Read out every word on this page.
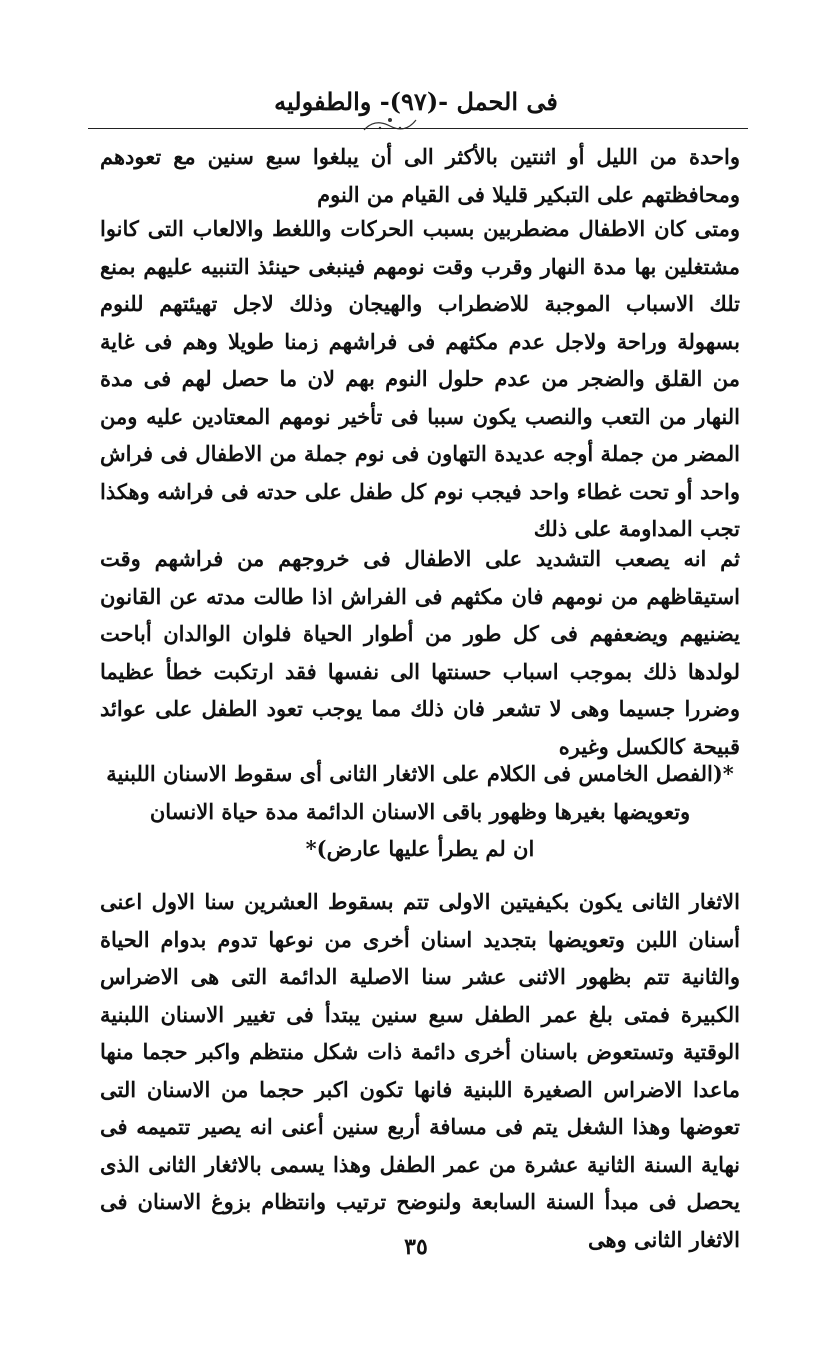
فى الحمل -(٩٧)- والطفوليه
واحدة من الليل أو اثنتين بالأكثر الى أن يبلغوا سبع سنين مع تعودهم ومحافظتهم على التبكير قليلا فى القيام من النوم
ومتى كان الاطفال مضطربين بسبب الحركات واللغط والالعاب التى كانوا مشتغلين بها مدة النهار وقرب وقت نومهم فينبغى حينئذ التنبيه عليهم بمنع تلك الاسباب الموجبة للاضطراب والهيجان وذلك لاجل تهيئتهم للنوم بسهولة وراحة ولاجل عدم مكثهم فى فراشهم زمنا طويلا وهم فى غاية من القلق والضجر من عدم حلول النوم بهم لان ما حصل لهم فى مدة النهار من التعب والنصب يكون سببا فى تأخير نومهم المعتادين عليه ومن المضر من جملة أوجه عديدة التهاون فى نوم جملة من الاطفال فى فراش واحد أو تحت غطاء واحد فيجب نوم كل طفل على حدته فى فراشه وهكذا تجب المداومة على ذلك
ثم انه يصعب التشديد على الاطفال فى خروجهم من فراشهم وقت استيقاظهم من نومهم فان مكثهم فى الفراش اذا طالت مدته عن القانون يضنيهم ويضعفهم فى كل طور من أطوار الحياة فلوان الوالدان أباحت لولدها ذلك بموجب اسباب حسنتها الى نفسها فقد ارتكبت خطأ عظيما وضررا جسيما وهى لا تشعر فان ذلك مما يوجب تعود الطفل على عوائد قبيحة كالكسل وغيره
*(الفصل الخامس فى الكلام على الاثغار الثانى أى سقوط الاسنان اللبنية
وتعويضها بغيرها وظهور باقى الاسنان الدائمة مدة حياة الانسان
ان لم يطرأ عليها عارض)*
الاثغار الثانى يكون بكيفيتين الاولى تتم بسقوط العشرين سنا الاول اعنى أسنان اللبن وتعويضها بتجديد اسنان أخرى من نوعها تدوم بدوام الحياة والثانية تتم بظهور الاثنى عشر سنا الاصلية الدائمة التى هى الاضراس الكبيرة فمتى بلغ عمر الطفل سبع سنين يبتدأ فى تغيير الاسنان اللبنية الوقتية وتستعوض باسنان أخرى دائمة ذات شكل منتظم واكبر حجما منها ماعدا الاضراس الصغيرة اللبنية فانها تكون اكبر حجما من الاسنان التى تعوضها وهذا الشغل يتم فى مسافة أربع سنين أعنى انه يصير تتميمه فى نهاية السنة الثانية عشرة من عمر الطفل وهذا يسمى بالاثغار الثانى الذى يحصل فى مبدأ السنة السابعة ولنوضح ترتيب وانتظام بزوغ الاسنان فى الاثغار الثانى وهى
٣٥
